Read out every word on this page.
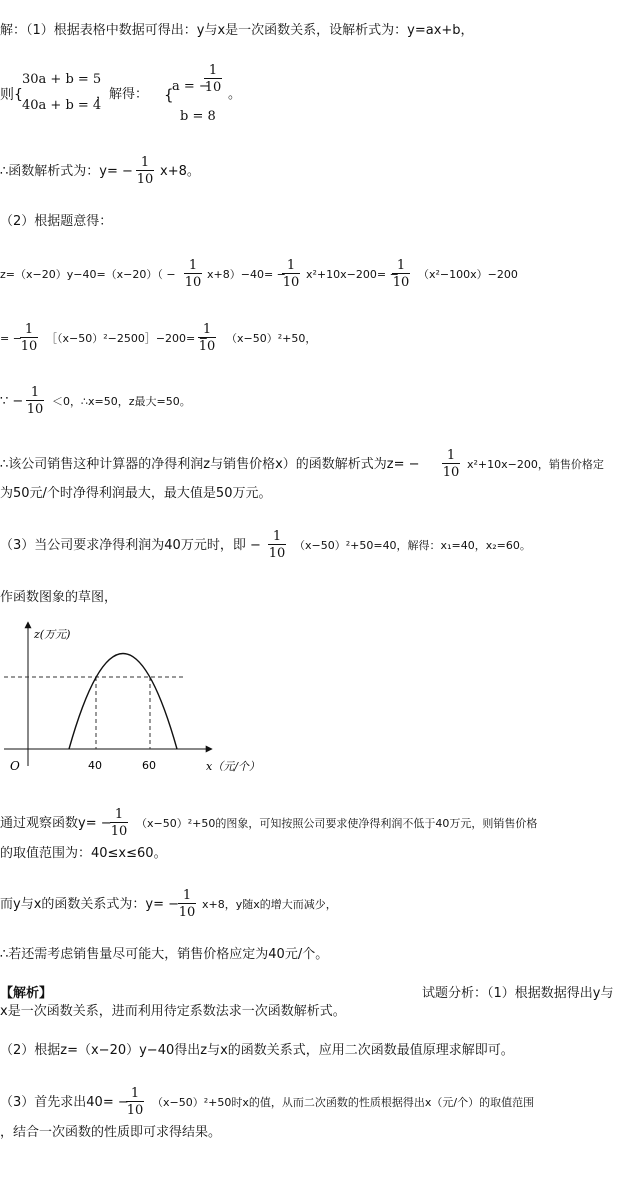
解：（1）根据表格中数据可得出：y与x是一次函数关系，设解析式为：y=ax+b，
则{
30a + b = 5
40a + b = 4
，解得： {
a = −
$\frac{1}{10}$ 。
b = 8
∴函数解析式为：$y= - \frac{1}{10} x+8$。
（2）根据题意得：
$z=(x-20)y-40=(x-20)( - \frac{1}{10} x+8)-40=$ −
$\frac{1}{10} x^2+10x-200=$ −
$\frac{1}{10} (x^2-100x)-200$
= −
$\frac{1}{10}$ ［（x−50）²−2500］−200= −
$\frac{1}{10} (x-50)^2+50$，
∵ − $\frac{1}{10} <0$，∴x=50，z最大=50。
∴该公司销售这种计算器的净得利润z与销售价格x）的函数解析式为$z= - \frac{1}{10} x^2+10x-200$，销售价格定
为50元/个时净得利润最大，最大值是50万元。
（3）当公司要求净得利润为40万元时，即 − $\frac{1}{10} (x-50)^2+50=40$，解得：x₁=40，x₂=60。
作函数图象的草图，
z(万元)
x（元/个）
O	40	60
通过观察函数y= −
$\frac{1}{10} (x-50)^2+50$的图象，可知按照公司要求使净得利润不低于40万元，则销售价格
的取值范围为：40≤x≤60。
而y与x的函数关系式为：$y= - \frac{1}{10} x+8$，y随x的增大而减少，
∴若还需考虑销售量尽可能大，销售价格应定为40元/个。
【解析】	试题分析：（1）根据数据得出y与
x是一次函数关系，进而利用待定系数法求一次函数解析式。
（2）根据z=（x−20）y−40得出z与x的函数关系式，应用二次函数最值原理求解即可。
（3）首先求出40= −
$\frac{1}{10} (x-50)^2+50$时x的值，从而二次函数的性质根据得出x（元/个）的取值范围
，结合一次函数的性质即可求得结果。
